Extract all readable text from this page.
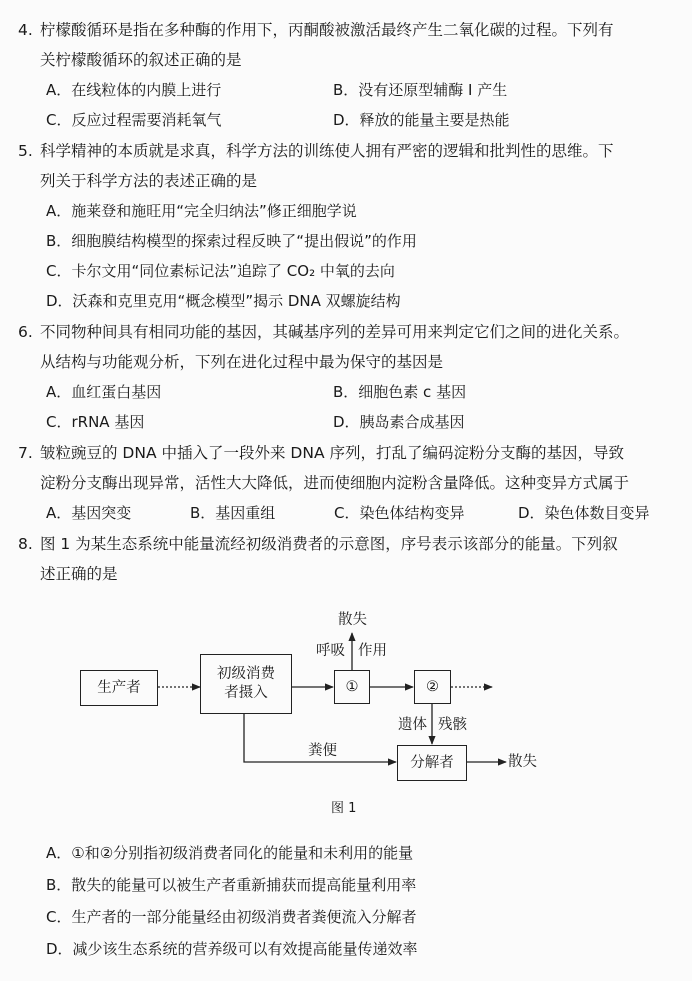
4. 柠檬酸循环是指在多种酶的作用下，丙酮酸被激活最终产生二氧化碳的过程。下列有
关柠檬酸循环的叙述正确的是
A．在线粒体的内膜上进行	B．没有还原型辅酶 I 产生
C．反应过程需要消耗氧气	D．释放的能量主要是热能
5. 科学精神的本质就是求真，科学方法的训练使人拥有严密的逻辑和批判性的思维。下
列关于科学方法的表述正确的是
A．施莱登和施旺用“完全归纳法”修正细胞学说
B．细胞膜结构模型的探索过程反映了“提出假说”的作用
C．卡尔文用“同位素标记法”追踪了 CO₂ 中氧的去向
D．沃森和克里克用“概念模型”揭示 DNA 双螺旋结构
6. 不同物种间具有相同功能的基因，其碱基序列的差异可用来判定它们之间的进化关系。
从结构与功能观分析，下列在进化过程中最为保守的基因是
A．血红蛋白基因	B．细胞色素 c 基因
C．rRNA 基因	D．胰岛素合成基因
7. 皱粒豌豆的 DNA 中插入了一段外来 DNA 序列，打乱了编码淀粉分支酶的基因，导致
淀粉分支酶出现异常，活性大大降低，进而使细胞内淀粉含量降低。这种变异方式属于
A．基因突变	B．基因重组	C．染色体结构变异	D．染色体数目变异
8. 图 1 为某生态系统中能量流经初级消费者的示意图，序号表示该部分的能量。下列叙
述正确的是
生产者
初级消费
者摄入	①	②
分解者
散失
呼吸 作用
遗体 残骸
粪便
散失
图 1
A．①和②分别指初级消费者同化的能量和未利用的能量
B．散失的能量可以被生产者重新捕获而提高能量利用率
C．生产者的一部分能量经由初级消费者粪便流入分解者
D．减少该生态系统的营养级可以有效提高能量传递效率
